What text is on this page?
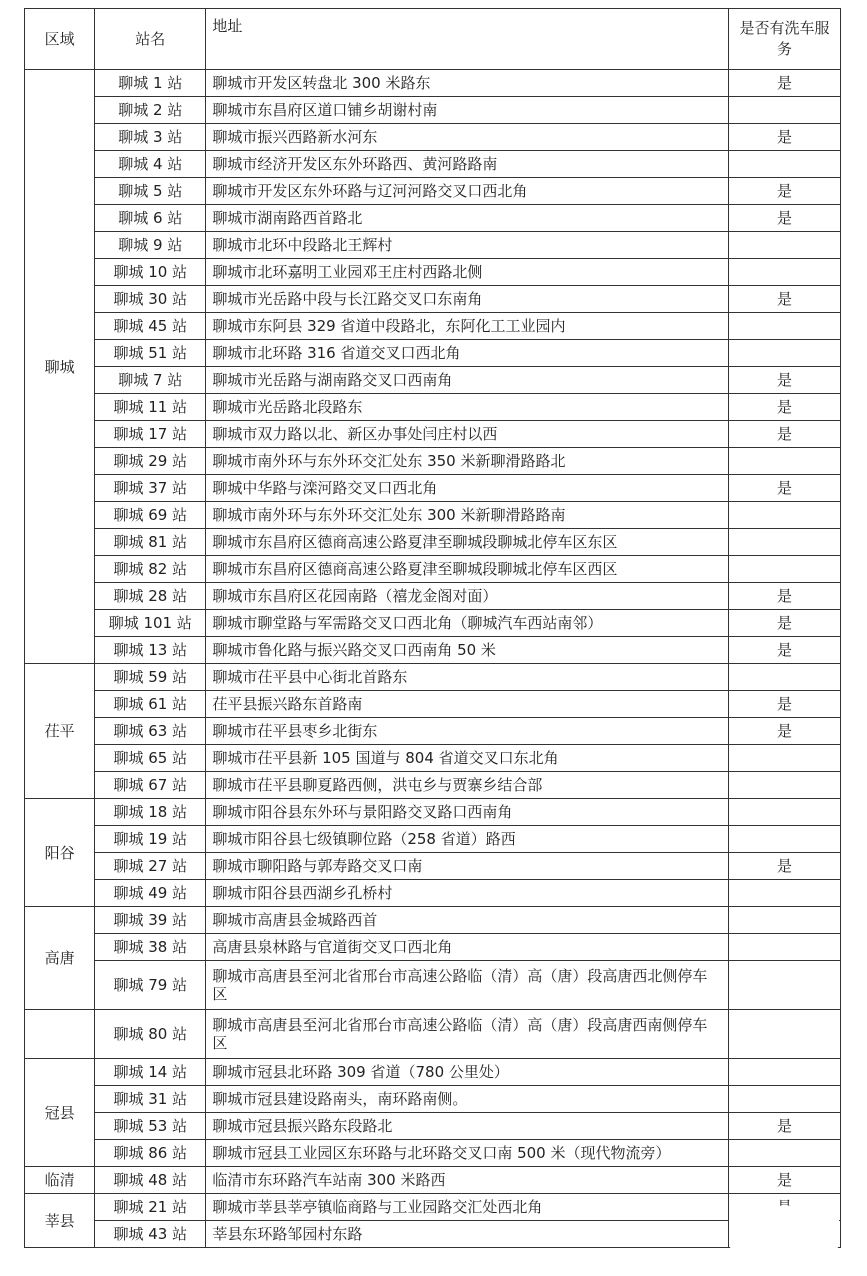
区域	站名	地址	是否有洗车服务
聊城	聊城 1 站	聊城市开发区转盘北 300 米路东	是
	聊城 2 站	聊城市东昌府区道口铺乡胡谢村南	
	聊城 3 站	聊城市振兴西路新水河东	是
	聊城 4 站	聊城市经济开发区东外环路西、黄河路路南	
	聊城 5 站	聊城市开发区东外环路与辽河河路交叉口西北角	是
	聊城 6 站	聊城市湖南路西首路北	是
	聊城 9 站	聊城市北环中段路北王辉村	
	聊城 10 站	聊城市北环嘉明工业园邓王庄村西路北侧	
	聊城 30 站	聊城市光岳路中段与长江路交叉口东南角	是
	聊城 45 站	聊城市东阿县 329 省道中段路北，东阿化工工业园内	
	聊城 51 站	聊城市北环路 316 省道交叉口西北角	
	聊城 7 站	聊城市光岳路与湖南路交叉口西南角	是
	聊城 11 站	聊城市光岳路北段路东	是
	聊城 17 站	聊城市双力路以北、新区办事处闫庄村以西	是
	聊城 29 站	聊城市南外环与东外环交汇处东 350 米新聊滑路路北	
	聊城 37 站	聊城中华路与滦河路交叉口西北角	是
	聊城 69 站	聊城市南外环与东外环交汇处东 300 米新聊滑路路南	
	聊城 81 站	聊城市东昌府区德商高速公路夏津至聊城段聊城北停车区东区	
	聊城 82 站	聊城市东昌府区德商高速公路夏津至聊城段聊城北停车区西区	
	聊城 28 站	聊城市东昌府区花园南路（禧龙金阁对面）	是
	聊城 101 站	聊城市聊堂路与军需路交叉口西北角（聊城汽车西站南邻）	是
	聊城 13 站	聊城市鲁化路与振兴路交叉口西南角 50 米	是
茌平	聊城 59 站	聊城市茌平县中心街北首路东	
	聊城 61 站	茌平县振兴路东首路南	是
	聊城 63 站	聊城市茌平县枣乡北街东	是
	聊城 65 站	聊城市茌平县新 105 国道与 804 省道交叉口东北角	
	聊城 67 站	聊城市茌平县聊夏路西侧，洪屯乡与贾寨乡结合部	
阳谷	聊城 18 站	聊城市阳谷县东外环与景阳路交叉路口西南角	
	聊城 19 站	聊城市阳谷县七级镇聊位路（258 省道）路西	
	聊城 27 站	聊城市聊阳路与郭寿路交叉口南	是
	聊城 49 站	聊城市阳谷县西湖乡孔桥村	
高唐	聊城 39 站	聊城市高唐县金城路西首	
	聊城 38 站	高唐县泉林路与官道街交叉口西北角	
	聊城 79 站	聊城市高唐县至河北省邢台市高速公路临（清）高（唐）段高唐西北侧停车区	
	聊城 80 站	聊城市高唐县至河北省邢台市高速公路临（清）高（唐）段高唐西南侧停车区	
冠县	聊城 14 站	聊城市冠县北环路 309 省道（780 公里处）	
	聊城 31 站	聊城市冠县建设路南头，南环路南侧。	
	聊城 53 站	聊城市冠县振兴路东段路北	是
	聊城 86 站	聊城市冠县工业园区东环路与北环路交叉口南 500 米（现代物流旁）	
临清	聊城 48 站	临清市东环路汽车站南 300 米路西	是
莘县	聊城 21 站	聊城市莘县莘亭镇临商路与工业园路交汇处西北角	
	聊城 43 站	莘县东环路邹园村东路	
